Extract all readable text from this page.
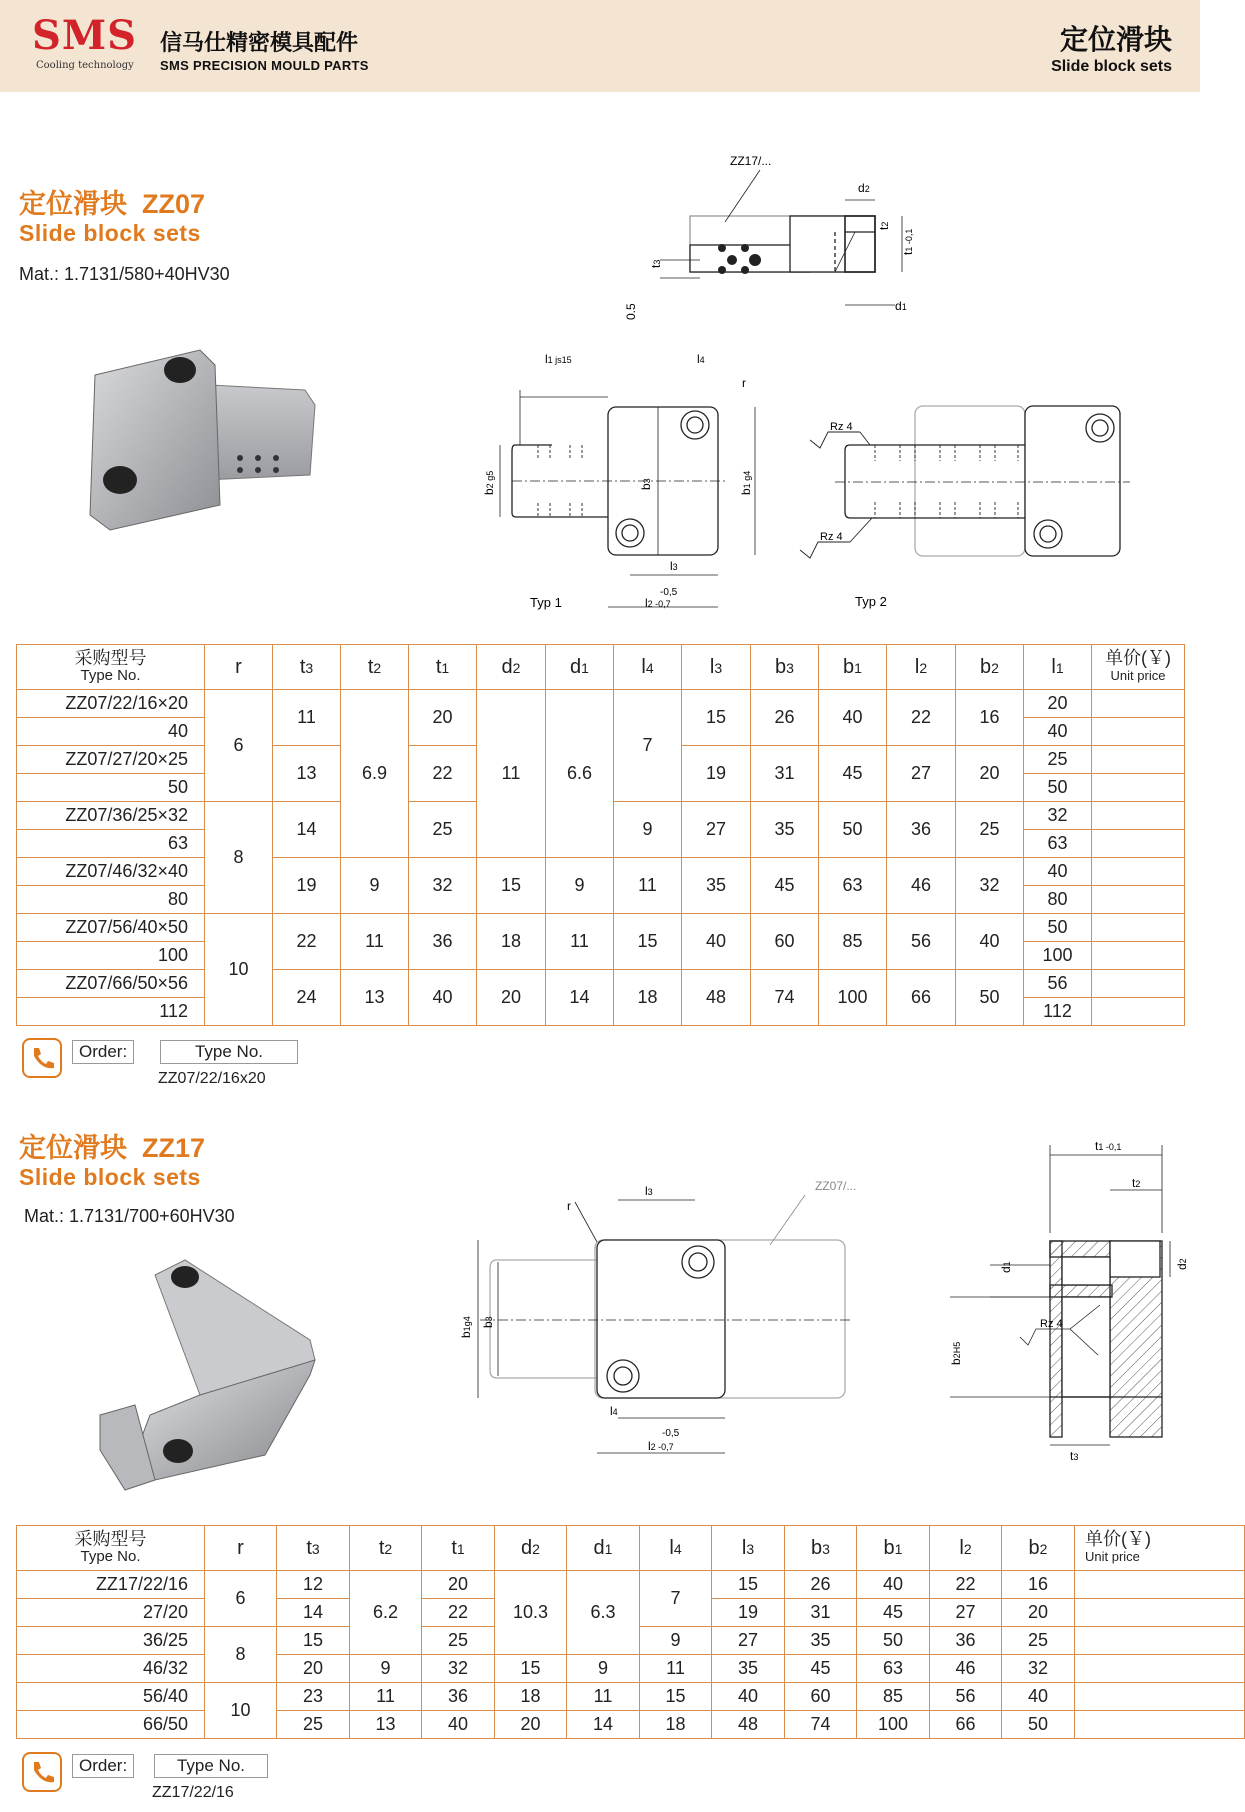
SMS
Cooling technology
信马仕精密模具配件
SMS PRECISION MOULD PARTS
定位滑块
Slide block sets
定位滑块 ZZ07
Slide block sets
Mat.: 1.7131/580+40HV30
ZZ17/...
d2
t2
t1 -0,1
t3
0.5	d1
l1 js15	l4
r
b2 g5	b3
b1 g4
l3
-0,5
l2 -0,7
Typ 1
Rz 4
Rz 4
Typ 2
采购型号
Type No.	r	t3	t2	t1	d2	d1	l4	l3	b3	b1	l2	b2	l1	单价(￥)
Unit price

ZZ07/22/16×20	6	11	6.9	20	11	6.6	7	15	26	40	22	16	20	
40													40	
ZZ07/27/20×25		13		22				19	31	45	27	20	25	
50													50	
ZZ07/36/25×32	8	14		25			9	27	35	50	36	25	32	
63													63	
ZZ07/46/32×40		19	9	32	15	9	11	35	45	63	46	32	40	
80													80	
ZZ07/56/40×50	10	22	11	36	18	11	15	40	60	85	56	40	50	
100													100	
ZZ07/66/50×56		24	13	40	20	14	18	48	74	100	66	50	56	
112													112	
Order:	Type No.
ZZ07/22/16x20
定位滑块 ZZ17
Slide block sets
Mat.: 1.7131/700+60HV30
l3
r
ZZ07/...
b1g4 b3
l4
-0,5
l2 -0,7
t1 -0,1
t2
d1	d2
b2H5
Rz 4
t3
采购型号
Type No.	r	t3	t2	t1	d2	d1	l4	l3	b3	b1	l2	b2	单价(￥)
Unit price

ZZ17/22/16	6	12	6.2	20	10.3	6.3	7	15	26	40	22	16	
27/20		14		22				19	31	45	27	20	
36/25	8	15		25			9	27	35	50	36	25	
46/32		20	9	32	15	9	11	35	45	63	46	32	
56/40	10	23	11	36	18	11	15	40	60	85	56	40	
66/50		25	13	40	20	14	18	48	74	100	66	50	
Order:	Type No.
ZZ17/22/16
